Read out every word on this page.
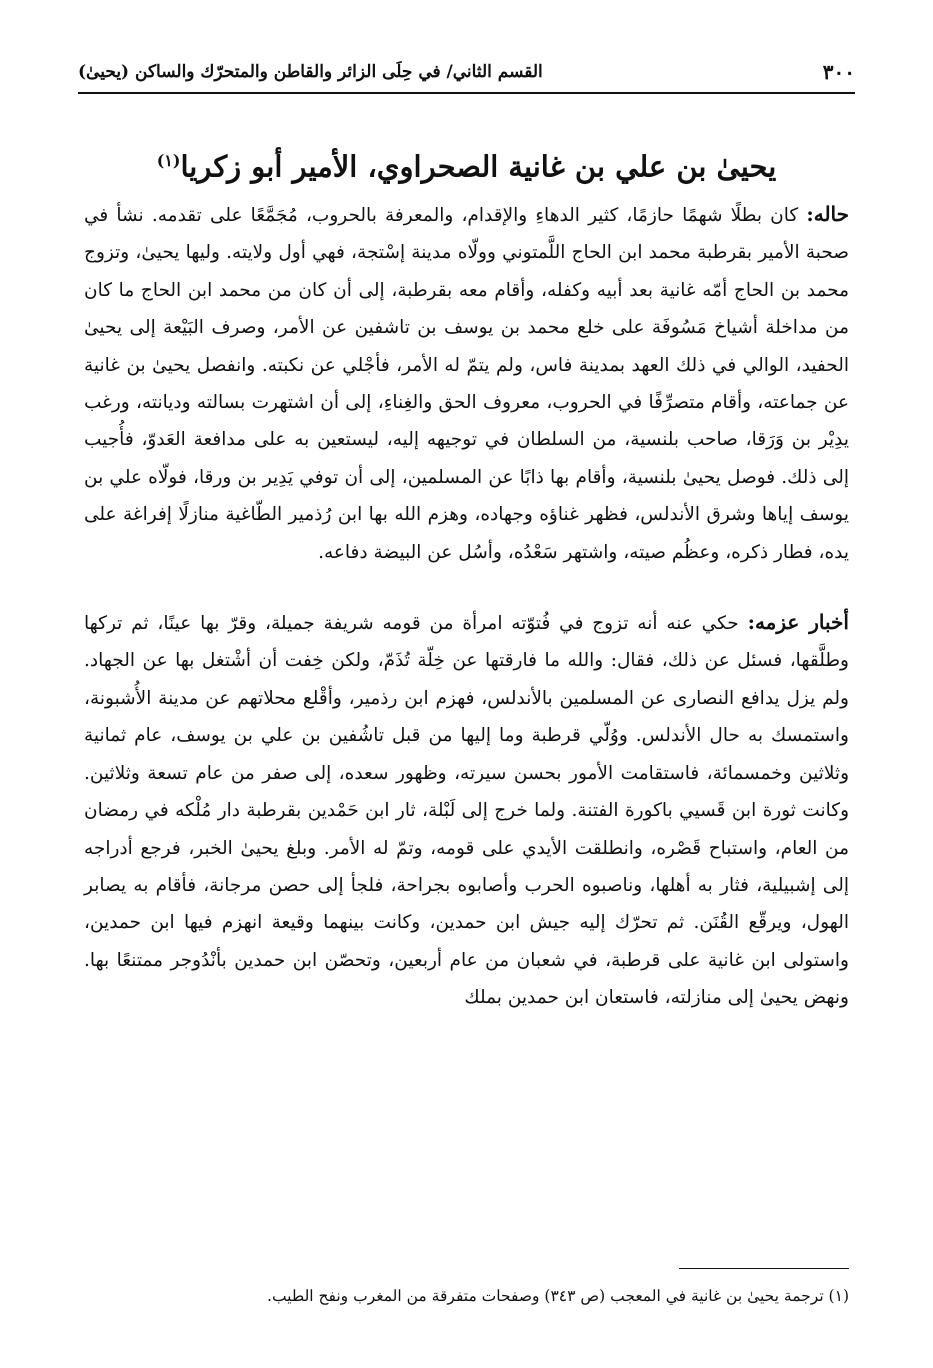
٣٠٠
القسم الثاني/ في حِلَى الزائر والقاطن والمتحرّك والساكن (يحيىٰ)
يحيىٰ بن علي بن غانية الصحراوي، الأمير أبو زكريا$^{(١)}$

حاله: كان بطلًا شهمًا حازمًا، كثير الدهاءِ والإقدام، والمعرفة بالحروب، مُجَمَّعًا على تقدمه. نشأ في صحبة الأمير بقرطبة محمد ابن الحاج اللَّمتوني وولّاه مدينة إسْتجة، فهي أول ولايته. وليها يحيىٰ، وتزوج محمد بن الحاج أمّه غانية بعد أبيه وكفله، وأقام معه بقرطبة، إلى أن كان من محمد ابن الحاج ما كان من مداخلة أشياخ مَسُوفَة على خلع محمد بن يوسف بن تاشفين عن الأمر، وصرف البَيْعة إلى يحيىٰ الحفيد، الوالي في ذلك العهد بمدينة فاس، ولم يتمّ له الأمر، فأجْلي عن نكبته. وانفصل يحيىٰ بن غانية عن جماعته، وأقام متصرِّفًا في الحروب، معروف الحق والغِناءِ، إلى أن اشتهرت بسالته وديانته، ورغب يدِيْر بن وَرَقا، صاحب بلنسية، من السلطان في توجيهه إليه، ليستعين به على مدافعة العَدوّ، فأُجيب إلى ذلك. فوصل يحيىٰ بلنسية، وأقام بها ذابًا عن المسلمين، إلى أن توفي يَدِير بن ورقا، فولّاه علي بن يوسف إياها وشرق الأندلس، فظهر غناؤه وجهاده، وهزم الله بها ابن رُذمير الطّاغية منازلًا إفراغة على يده، فطار ذكره، وعظُم صيته، واشتهر سَعْدُه، وأسُل عن البيضة دفاعه.

أخبار عزمه: حكي عنه أنه تزوج في فُتوّته امرأة من قومه شريفة جميلة، وقرّ بها عينًا، ثم تركها وطلَّقها، فسئل عن ذلك، فقال: والله ما فارقتها عن خِلّة تُذَمّ، ولكن خِفت أن أشْتغل بها عن الجهاد. ولم يزل يدافع النصارى عن المسلمين بالأندلس، فهزم ابن رذمير، وأقْلع محلاتهم عن مدينة الأُشبونة، واستمسك به حال الأندلس. ووُلّي قرطبة وما إليها من قبل تاشُفين بن علي بن يوسف، عام ثمانية وثلاثين وخمسمائة، فاستقامت الأمور بحسن سيرته، وظهور سعده، إلى صفر من عام تسعة وثلاثين. وكانت ثورة ابن قَسيي باكورة الفتنة. ولما خرج إلى لَبْلة، ثار ابن حَمْدين بقرطبة دار مُلْكه في رمضان من العام، واستباح قَصْره، وانطلقت الأيدي على قومه، وتمّ له الأمر. وبلغ يحيىٰ الخبر، فرجع أدراجه إلى إشبيلية، فثار به أهلها، وناصبوه الحرب وأصابوه بجراحة، فلجأ إلى حصن مرجانة، فأقام به يصابر الهول، ويرقّع القُنَن. ثم تحرّك إليه جيش ابن حمدين، وكانت بينهما وقيعة انهزم فيها ابن حمدين، واستولى ابن غانية على قرطبة، في شعبان من عام أربعين، وتحصّن ابن حمدين بأنْدُوجر ممتنعًا بها. ونهض يحيىٰ إلى منازلته، فاستعان ابن حمدين بملك

(١) ترجمة يحيىٰ بن غانية في المعجب (ص ٣٤٣) وصفحات متفرقة من المغرب ونفح الطيب.
